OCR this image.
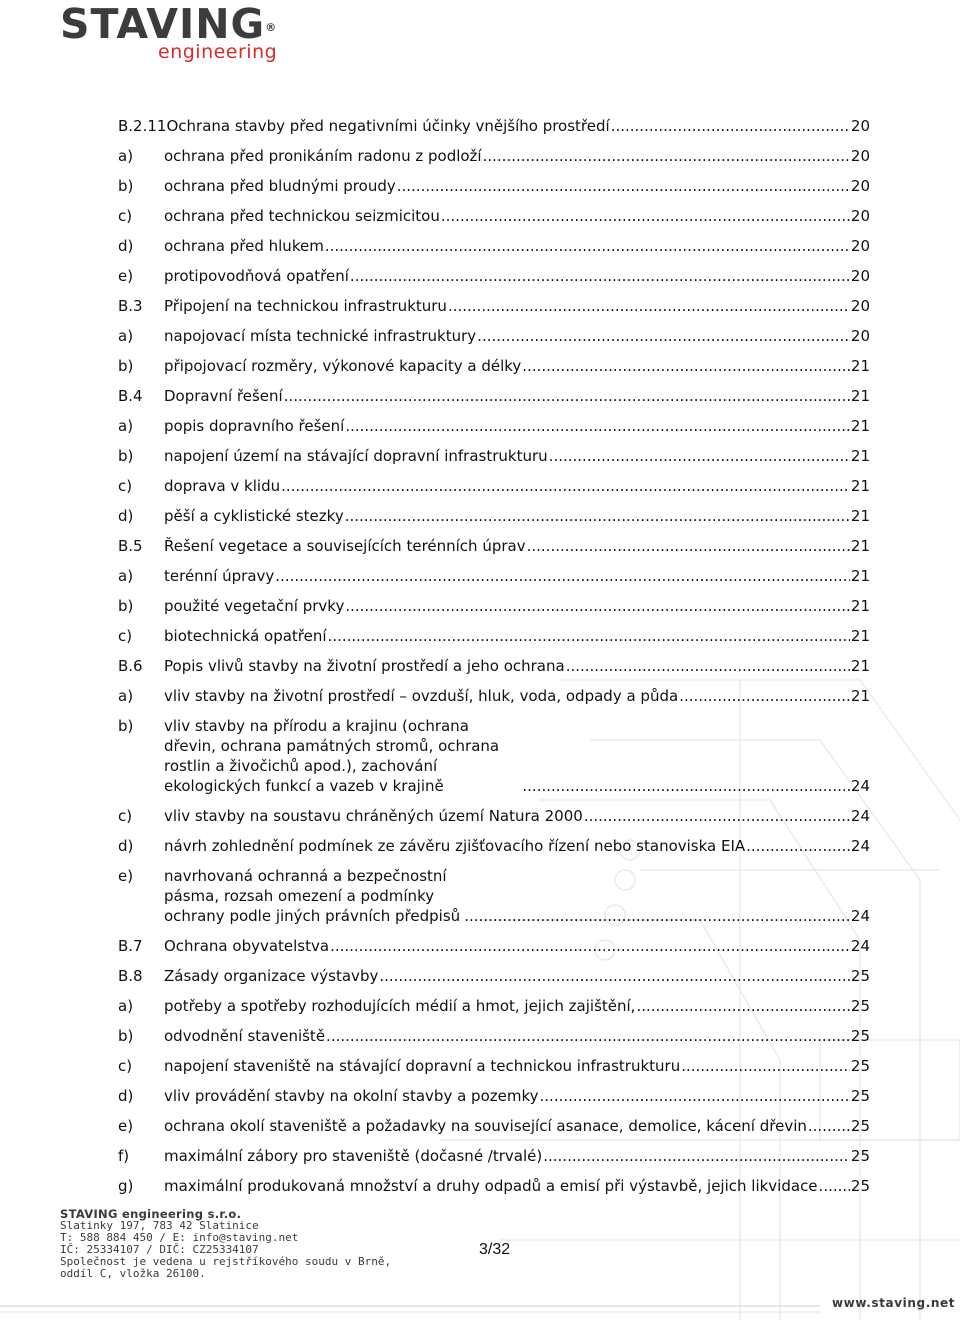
STAVING®
engineering
B.2.11 Ochrana stavby před negativními účinky vnějšího prostředí .....	20
a)	ochrana před pronikáním radonu z podloží .....	20
b)	ochrana před bludnými proudy .....	20
c)	ochrana před technickou seizmicitou .....	20
d)	ochrana před hlukem .....	20
e)	protipovodňová opatření .....	20
B.3	Připojení na technickou infrastrukturu .....	20
a)	napojovací místa technické infrastruktury .....	20
b)	připojovací rozměry, výkonové kapacity a délky .....	21
B.4	Dopravní řešení .....	21
a)	popis dopravního řešení .....	21
b)	napojení území na stávající dopravní infrastrukturu .....	21
c)	doprava v klidu .....	21
d)	pěší a cyklistické stezky .....	21
B.5	Řešení vegetace a souvisejících terénních úprav .....	21
a)	terénní úpravy .....	21
b)	použité vegetační prvky .....	21
c)	biotechnická opatření .....	21
B.6	Popis vlivů stavby na životní prostředí a jeho ochrana .....	21
a)	vliv stavby na životní prostředí – ovzduší, hluk, voda, odpady a půda .....	21
b)	vliv stavby na přírodu a krajinu (ochrana dřevin, ochrana památných stromů, ochrana rostlin a živočichů apod.), zachování ekologických funkcí a vazeb v krajině .....	24
c)	vliv stavby na soustavu chráněných území Natura 2000 .....	24
d)	návrh zohlednění podmínek ze závěru zjišťovacího řízení nebo stanoviska EIA .....	24
e)	navrhovaná ochranná a bezpečnostní pásma, rozsah omezení a podmínky ochrany podle jiných právních předpisů .....	24
B.7	Ochrana obyvatelstva .....	24
B.8	Zásady organizace výstavby .....	25
a)	potřeby a spotřeby rozhodujících médií a hmot, jejich zajištění, .....	25
b)	odvodnění staveniště .....	25
c)	napojení staveniště na stávající dopravní a technickou infrastrukturu .....	25
d)	vliv provádění stavby na okolní stavby a pozemky .....	25
e)	ochrana okolí staveniště a požadavky na související asanace, demolice, kácení dřevin .....	25
f)	maximální zábory pro staveniště (dočasné /trvalé) .....	25
g)	maximální produkovaná množství a druhy odpadů a emisí při výstavbě, jejich likvidace ..... 25
STAVING engineering s.r.o.
Slatinky 197, 783 42 Slatinice
T: 588 884 450 / E: info@staving.net
IČ: 25334107 / DIČ: CZ25334107
Společnost je vedena u rejstříkového soudu v Brně,
oddíl C, vložka 26100.
3/32
www.staving.net
